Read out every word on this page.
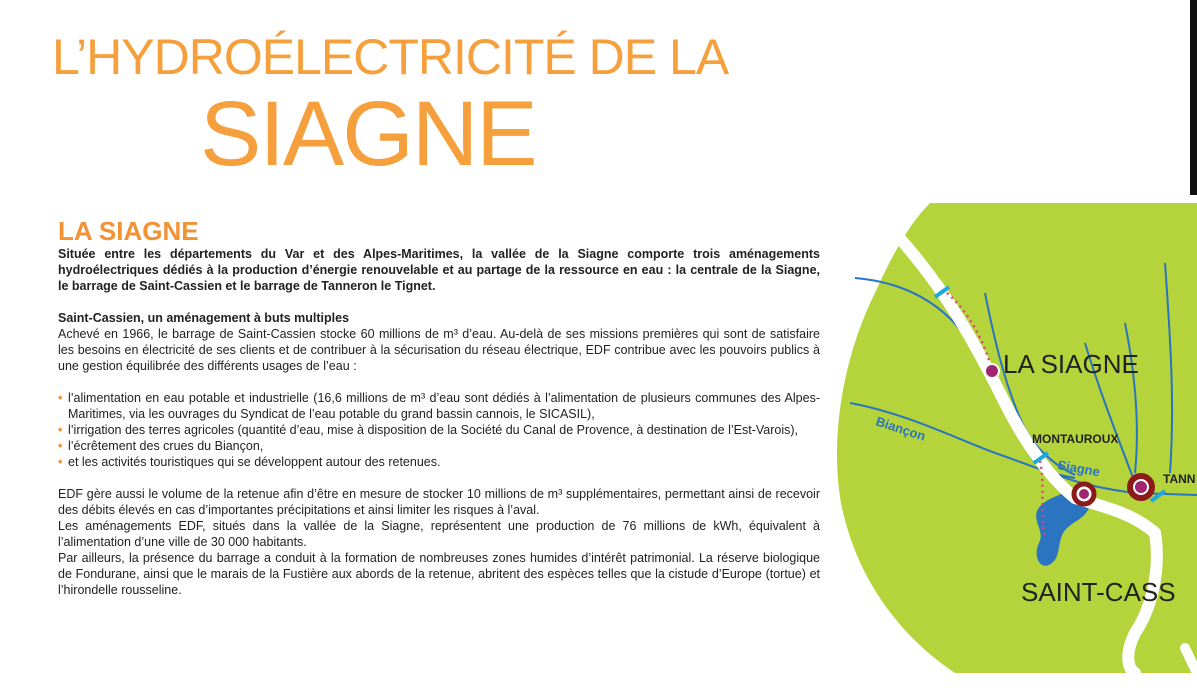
L’HYDROÉLECTRICITÉ DE LA
SIAGNE
LA SIAGNE

Située entre les départements du Var et des Alpes-Maritimes, la vallée de la Siagne comporte trois aménagements hydroélectriques dédiés à la production d’énergie renouvelable et au partage de la ressource en eau : la centrale de la Siagne, le barrage de Saint-Cassien et le barrage de Tanneron le Tignet.

Saint-Cassien, un aménagement à buts multiples

Achevé en 1966, le barrage de Saint-Cassien stocke 60 millions de m³ d’eau. Au-delà de ses missions premières qui sont de satisfaire les besoins en électricité de ses clients et de contribuer à la sécurisation du réseau électrique, EDF contribue avec les pouvoirs publics à une gestion équilibrée des différents usages de l’eau :

• l’alimentation en eau potable et industrielle (16,6 millions de m³ d’eau sont dédiés à l’alimentation de plusieurs communes des Alpes-Maritimes, via les ouvrages du Syndicat de l’eau potable du grand bassin cannois, le SICASIL),
• l’irrigation des terres agricoles (quantité d’eau, mise à disposition de la Société du Canal de Provence, à destination de l’Est-Varois),
• l’écrêtement des crues du Biançon,
• et les activités touristiques qui se développent autour des retenues.

EDF gère aussi le volume de la retenue afin d’être en mesure de stocker 10 millions de m³ supplémentaires, permettant ainsi de recevoir des débits élevés en cas d’importantes précipitations et ainsi limiter les risques à l’aval.

Les aménagements EDF, situés dans la vallée de la Siagne, représentent une production de 76 millions de kWh, équivalent à l’alimentation d’une ville de 30 000 habitants.

Par ailleurs, la présence du barrage a conduit à la formation de nombreuses zones humides d’intérêt patrimonial. La réserve biologique de Fondurane, ainsi que le marais de la Fustière aux abords de la retenue, abritent des espèces telles que la cistude d’Europe (tortue) et l’hirondelle rousseline.

LA SIAGNE
MONTAUROUX
Siagne
Biançon
TANN
SAINT-CASS
